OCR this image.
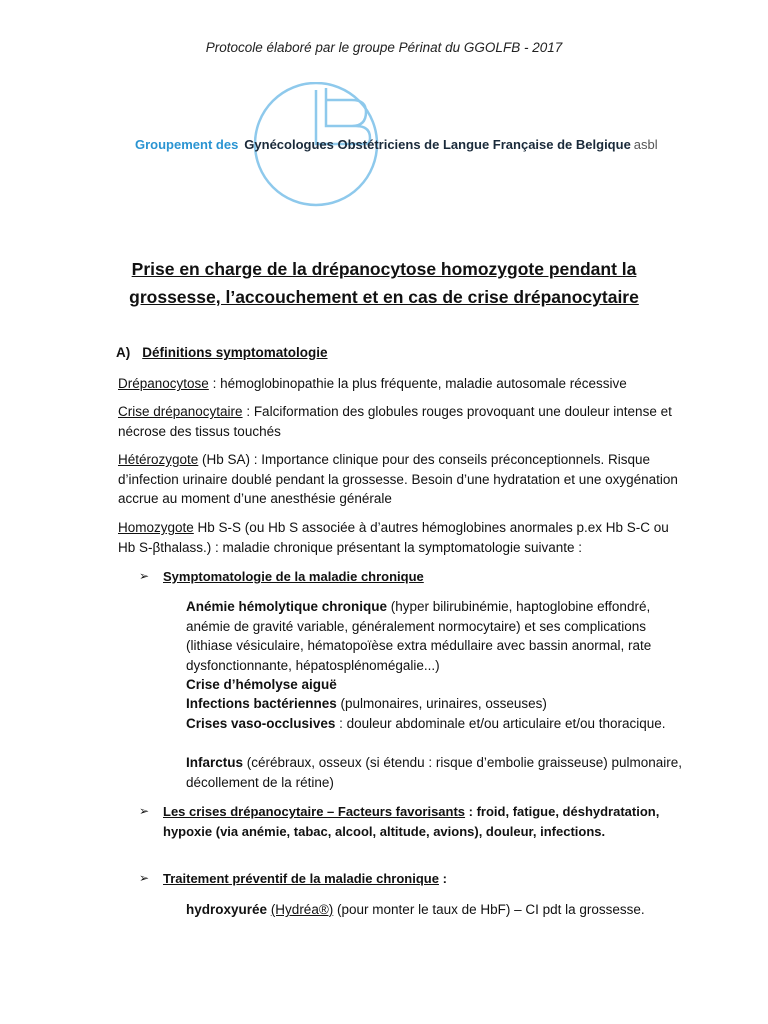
Protocole élaboré par le groupe Périnat du GGOLFB - 2017
Groupement des Gynécologues Obstétriciens de Langue Française de Belgique asbl
Prise en charge de la drépanocytose homozygote pendant la
grossesse, l’accouchement et en cas de crise drépanocytaire
A) Définitions symptomatologie
Drépanocytose : hémoglobinopathie la plus fréquente, maladie autosomale récessive
Crise drépanocytaire : Falciformation des globules rouges provoquant une douleur intense et nécrose des tissus touchés
Hétérozygote (Hb SA) : Importance clinique pour des conseils préconceptionnels. Risque d’infection urinaire doublé pendant la grossesse. Besoin d’une hydratation et une oxygénation accrue au moment d’une anesthésie générale
Homozygote Hb S-S (ou Hb S associée à d’autres hémoglobines anormales p.ex Hb S-C ou Hb S-βthalass.) : maladie chronique présentant la symptomatologie suivante :
➢ Symptomatologie de la maladie chronique
Anémie hémolytique chronique (hyper bilirubinémie, haptoglobine effondré, anémie de gravité variable, généralement normocytaire) et ses complications (lithiase vésiculaire, hématopoïèse extra médullaire avec bassin anormal, rate dysfonctionnante, hépatosplénomégalie...)
Crise d’hémolyse aiguë
Infections bactériennes (pulmonaires, urinaires, osseuses)
Crises vaso-occlusives : douleur abdominale et/ou articulaire et/ou thoracique.
Infarctus (cérébraux, osseux (si étendu : risque d’embolie graisseuse) pulmonaire, décollement de la rétine)
➢ Les crises drépanocytaire – Facteurs favorisants : froid, fatigue, déshydratation, hypoxie (via anémie, tabac, alcool, altitude, avions), douleur, infections.
➢ Traitement préventif de la maladie chronique :
hydroxyurée (Hydréa®) (pour monter le taux de HbF) – CI pdt la grossesse.
